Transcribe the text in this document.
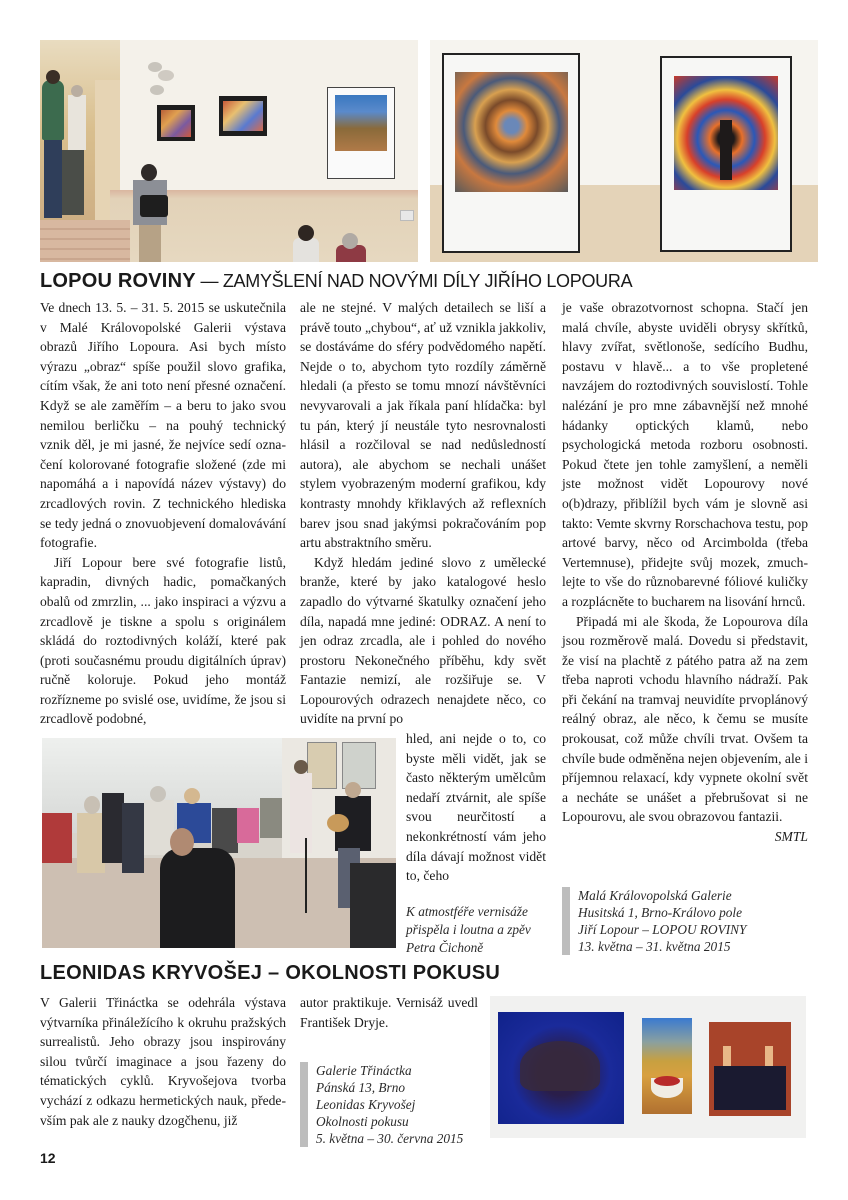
LOPOU ROVINY — ZAMYŠLENÍ NAD NOVÝMI DÍLY JIŘÍHO LOPOURA

Ve dnech 13. 5. – 31. 5. 2015 se uskutečnila v Malé Královopolské Galerii výstava obrazů Jiřího Lopoura. Asi bych místo výrazu „obraz“ spíše použil slovo grafika, cítím však, že ani toto není přesné označení. Když se ale zaměřím – a beru to jako svou nemilou berličku – na pouhý technický vznik děl, je mi jasné, že nejvíce sedí označení kolorované fotografie složené (zde mi napomáhá a i napovídá název výstavy) do zrcadlových rovin. Z technického hlediska se tedy jedná o znovuobjevení domalovávání fotografie.

Jiří Lopour bere své fotografie listů, kapradin, divných hadic, pomačkaných obalů od zmrzlin, ... jako inspiraci a výzvu a zrcadlově je tiskne a spolu s originálem skládá do roztodivných koláží, které pak (proti současnému proudu digitálních úprav) ručně koloruje. Pokud jeho montáž rozřízneme po svislé ose, uvidíme, že jsou si zrcadlově podobné,

ale ne stejné. V malých detailech se liší a právě touto „chybou“, ať už vznikla jakkoliv, se dostáváme do sféry podvědomého napětí. Nejde o to, abychom tyto rozdíly záměrně hledali (a přesto se tomu mnozí návštěvníci nevyvarovali a jak říkala paní hlídačka: byl tu pán, který jí neustále tyto nesrovnalosti hlásil a rozčiloval se nad nedůsledností autora), ale abychom se nechali unášet stylem vyobrazeným moderní grafikou, kdy kontrasty mnohdy křiklavých až reflexních barev jsou snad jakýmsi pokračováním pop artu abstraktního směru.

Když hledám jediné slovo z umělecké branže, které by jako katalogové heslo zapadlo do výtvarné škatulky označení jeho díla, napadá mne jediné: ODRAZ. A není to jen odraz zrcadla, ale i pohled do nového prostoru Nekonečného příběhu, kdy svět Fantazie nemizí, ale rozšiřuje se. V Lopourových odrazech nenajdete něco, co uvidíte na první po

hled, ani nejde o to, co byste měli vidět, jak se často některým umělcům nedaří ztvárnit, ale spíše svou neurčitostí a nekonkrétností vám jeho díla dávají možnost vidět to, čeho

K atmostféře vernisáže
přispěla i loutna a zpěv
Petra Čichoně

je vaše obrazotvornost schopna. Stačí jen malá chvíle, abyste uviděli obrysy skřítků, hlavy zvířat, světlonoše, sedícího Budhu, postavu v hlavě... a to vše propletené navzájem do roztodivných souvislostí. Tohle nalézání je pro mne zábavnější než mnohé hádanky optických klamů, nebo psychologická metoda rozboru osobnosti. Pokud čtete jen tohle zamyšlení, a neměli jste možnost vidět Lopourovy nové o(b)drazy, přiblížil bych vám je slovně asi takto: Vemte skvrny Rorschachova testu, pop artové barvy, něco od Arcimbolda (třeba Vertemnuse), přidejte svůj mozek, zmuchlejte to vše do různobarevné fóliové kuličky a rozplácněte to bucharem na lisování hrnců.

Připadá mi ale škoda, že Lopourova díla jsou rozměrově malá. Dovedu si představit, že visí na plachtě z pátého patra až na zem třeba naproti vchodu hlavního nádraží. Pak při čekání na tramvaj neuvidíte prvoplánový reálný obraz, ale něco, k čemu se musíte prokousat, což může chvíli trvat. Ovšem ta chvíle bude odměněna nejen objevením, ale i příjemnou relaxací, kdy vypnete okolní svět a necháte se unášet a přebrušovat si ne Lopourovu, ale svou obrazovou fantazii.
SMTL

Malá Královopolská Galerie
Husitská 1, Brno-Královo pole
Jiří Lopour – LOPOU ROVINY
13. května – 31. května 2015
LEONIDAS KRYVOŠEJ – OKOLNOSTI POKUSU

V Galerii Třináctka se odehrála výstava výtvarníka přináležícího k okruhu pražských surrealistů. Jeho obrazy jsou inspirovány silou tvůrčí imaginace a jsou řazeny do tématických cyklů. Kryvošejova tvorba vychází z odkazu hermetických nauk, především pak ale z nauky dzogčhenu, již

autor praktikuje. Vernisáž uvedl František Dryje.

Galerie Třináctka
Pánská 13, Brno
Leonidas Kryvošej
Okolnosti pokusu
5. května – 30. června 2015
12
